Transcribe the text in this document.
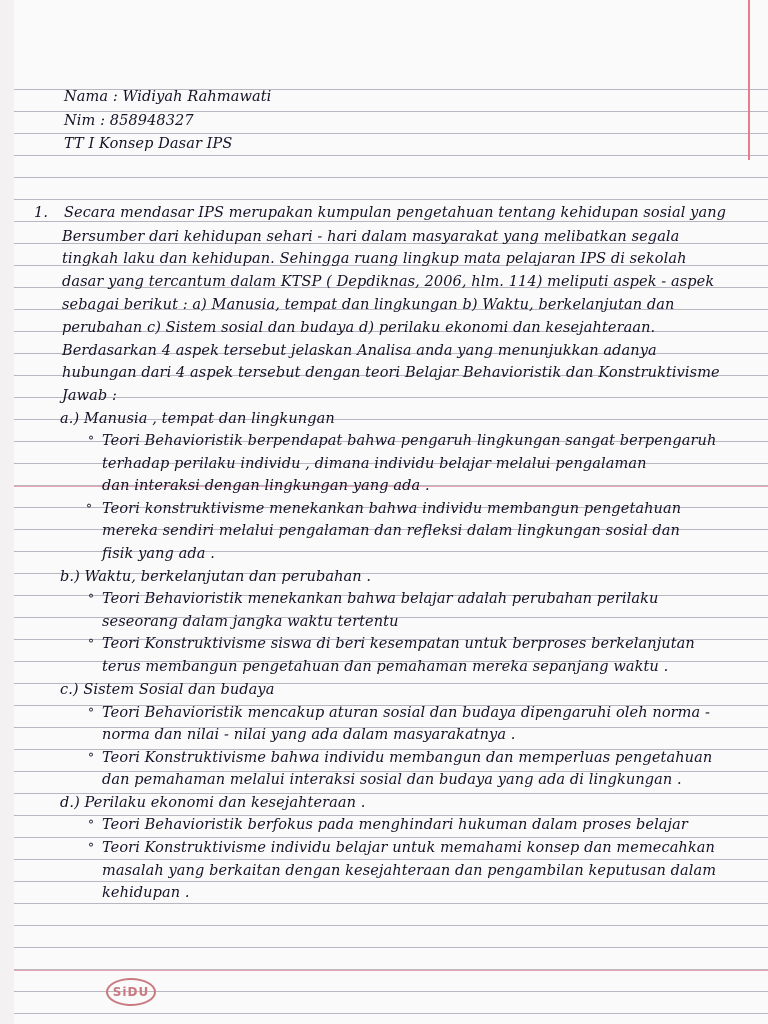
Nama : Widiyah Rahmawati

Nim : 858948327

TT I Konsep Dasar IPS

1. Secara mendasar IPS merupakan kumpulan pengetahuan tentang kehidupan sosial yang

Bersumber dari kehidupan sehari - hari dalam masyarakat yang melibatkan segala

tingkah laku dan kehidupan. Sehingga ruang lingkup mata pelajaran IPS di sekolah

dasar yang tercantum dalam KTSP ( Depdiknas, 2006, hlm. 114) meliputi aspek - aspek

sebagai berikut : a) Manusia, tempat dan lingkungan b) Waktu, berkelanjutan dan

perubahan c) Sistem sosial dan budaya d) perilaku ekonomi dan kesejahteraan.

Berdasarkan 4 aspek tersebut jelaskan Analisa anda yang menunjukkan adanya

hubungan dari 4 aspek tersebut dengan teori Belajar Behavioristik dan Konstruktivisme

Jawab :

a.) Manusia , tempat dan lingkungan

° Teori Behavioristik berpendapat bahwa pengaruh lingkungan sangat berpengaruh

terhadap perilaku individu , dimana individu belajar melalui pengalaman

dan interaksi dengan lingkungan yang ada .

° Teori konstruktivisme menekankan bahwa individu membangun pengetahuan

mereka sendiri melalui pengalaman dan refleksi dalam lingkungan sosial dan

fisik yang ada .

b.) Waktu, berkelanjutan dan perubahan .

° Teori Behavioristik menekankan bahwa belajar adalah perubahan perilaku

seseorang dalam jangka waktu tertentu

° Teori Konstruktivisme siswa di beri kesempatan untuk berproses berkelanjutan

terus membangun pengetahuan dan pemahaman mereka sepanjang waktu .

c.) Sistem Sosial dan budaya

° Teori Behavioristik mencakup aturan sosial dan budaya dipengaruhi oleh norma -

norma dan nilai - nilai yang ada dalam masyarakatnya .

° Teori Konstruktivisme bahwa individu membangun dan memperluas pengetahuan

dan pemahaman melalui interaksi sosial dan budaya yang ada di lingkungan .

d.) Perilaku ekonomi dan kesejahteraan .

° Teori Behavioristik berfokus pada menghindari hukuman dalam proses belajar

° Teori Konstruktivisme individu belajar untuk memahami konsep dan memecahkan

masalah yang berkaitan dengan kesejahteraan dan pengambilan keputusan dalam

kehidupan .

SiDU
